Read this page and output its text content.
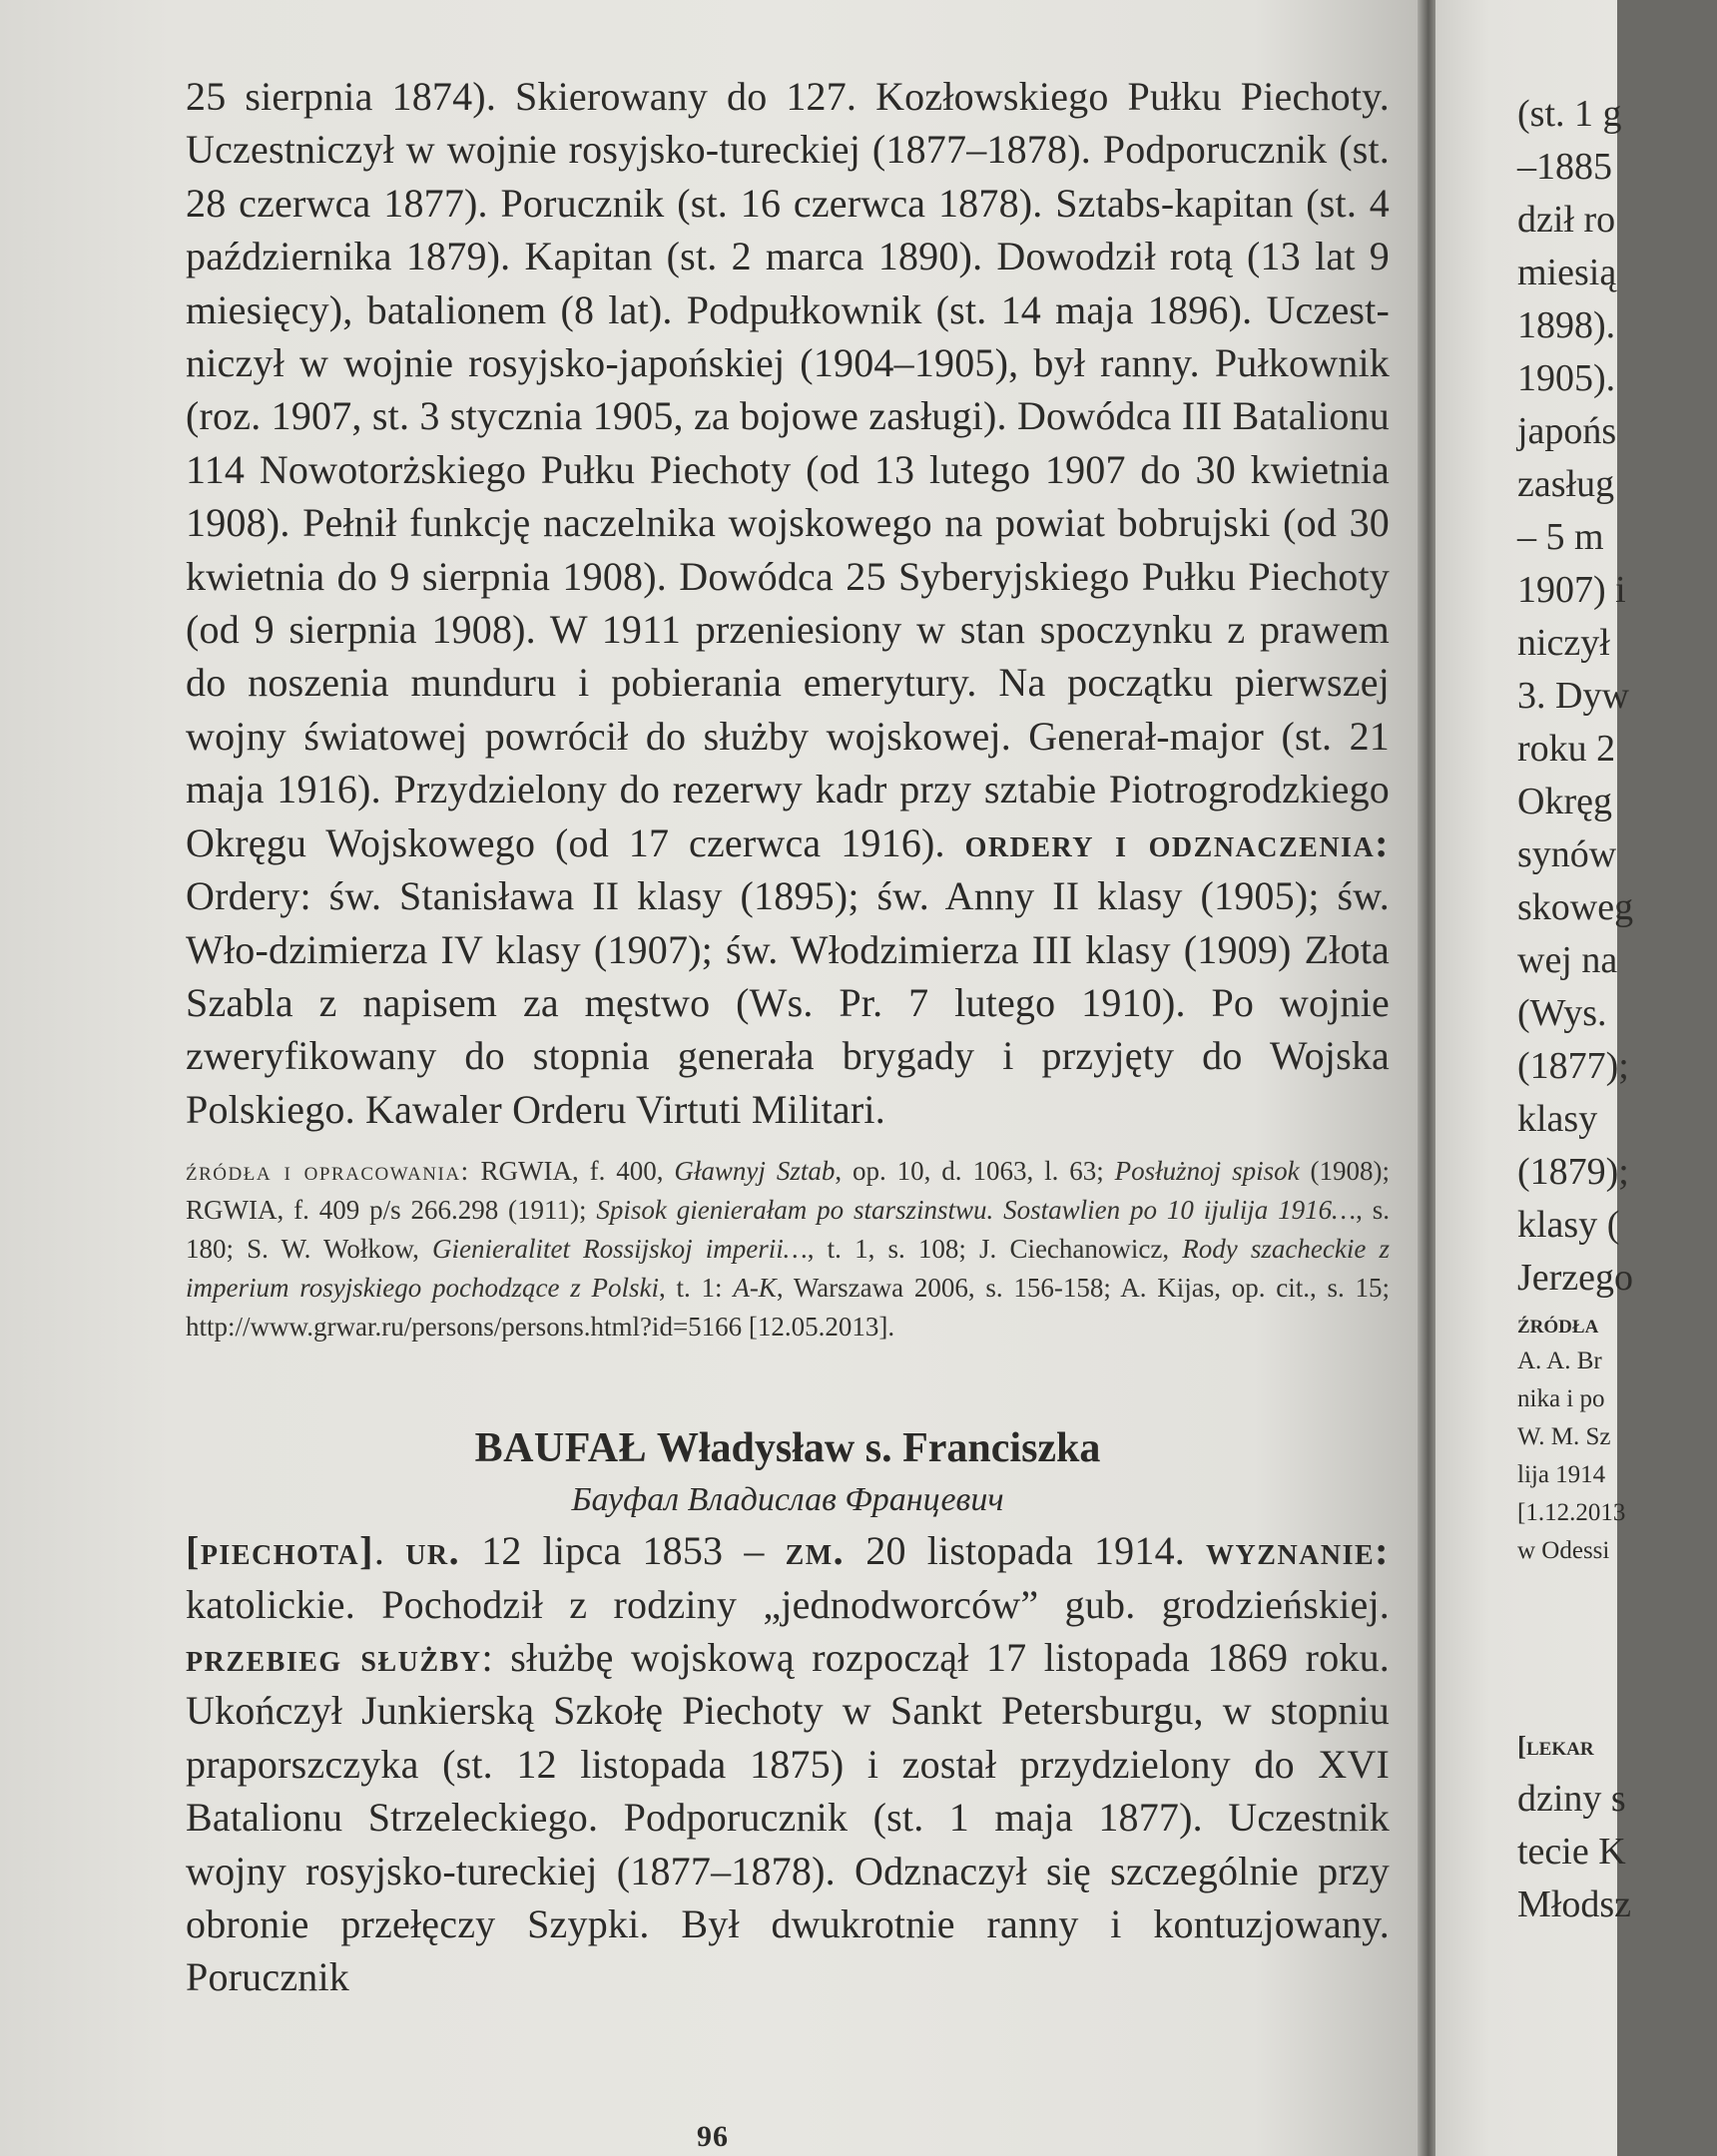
25 sierpnia 1874). Skierowany do 127. Kozłowskiego Pułku Piechoty. Uczestniczył w wojnie rosyjsko-tureckiej (1877–1878). Podporucznik (st. 28 czerwca 1877). Porucznik (st. 16 czerwca 1878). Sztabs-kapitan (st. 4 października 1879). Kapitan (st. 2 marca 1890). Dowodził rotą (13 lat 9 miesięcy), batalionem (8 lat). Podpułkownik (st. 14 maja 1896). Uczest-niczył w wojnie rosyjsko-japońskiej (1904–1905), był ranny. Pułkownik (roz. 1907, st. 3 stycznia 1905, za bojowe zasługi). Dowódca III Batalionu 114 Nowotorżskiego Pułku Piechoty (od 13 lutego 1907 do 30 kwietnia 1908). Pełnił funkcję naczelnika wojskowego na powiat bobrujski (od 30 kwietnia do 9 sierpnia 1908). Dowódca 25 Syberyjskiego Pułku Piechoty (od 9 sierpnia 1908). W 1911 przeniesiony w stan spoczynku z prawem do noszenia munduru i pobierania emerytury. Na początku pierwszej wojny światowej powrócił do służby wojskowej. Generał-major (st. 21 maja 1916). Przydzielony do rezerwy kadr przy sztabie Piotrogrodzkiego Okręgu Wojskowego (od 17 czerwca 1916). ordery i odznaczenia: Ordery: św. Stanisława II klasy (1895); św. Anny II klasy (1905); św. Wło-dzimierza IV klasy (1907); św. Włodzimierza III klasy (1909) Złota Szabla z napisem za męstwo (Ws. Pr. 7 lutego 1910). Po wojnie zweryfikowany do stopnia generała brygady i przyjęty do Wojska Polskiego. Kawaler Orderu Virtuti Militari.
źródła i opracowania: RGWIA, f. 400, Gławnyj Sztab, op. 10, d. 1063, l. 63; Posłużnoj spisok (1908); RGWIA, f. 409 p/s 266.298 (1911); Spisok gienierałam po starszinstwu. Sostawlien po 10 ijulija 1916…, s. 180; S. W. Wołkow, Gienieralitet Rossijskoj imperii…, t. 1, s. 108; J. Ciechanowicz, Rody szacheckie z imperium rosyjskiego pochodzące z Polski, t. 1: A-K, Warszawa 2006, s. 156-158; A. Kijas, op. cit., s. 15; http://www.grwar.ru/persons/persons.html?id=5166 [12.05.2013].
BAUFAŁ Władysław s. Franciszka
Бауфал Владислав Францевич
[piechota]. ur. 12 lipca 1853 – zm. 20 listopada 1914. wyznanie: katolickie. Pochodził z rodziny „jednodworców” gub. grodzieńskiej. przebieg służby: służbę wojskową rozpoczął 17 listopada 1869 roku. Ukończył Junkierską Szkołę Piechoty w Sankt Petersburgu, w stopniu praporszczyka (st. 12 listopada 1875) i został przydzielony do XVI Batalionu Strzeleckiego. Podporucznik (st. 1 maja 1877). Uczestnik wojny rosyjsko-tureckiej (1877–1878). Odznaczył się szczególnie przy obronie przełęczy Szypki. Był dwukrotnie ranny i kontuzjowany. Porucznik
96
(st. 1 g
–1885
dził ro
miesią
1898).
1905).
japońs
zasług
– 5 m
1907) i
niczył
3. Dyw
roku 2
Okręg
synów
skoweg
wej na
(Wys.
(1877);
klasy
(1879);
klasy (
Jerzego
źródła
A. A. Br
nika i po
W. M. Sz
lija 1914
[1.12.2013
w Odessi
[lekar
dziny s
tecie K
Młodsz
